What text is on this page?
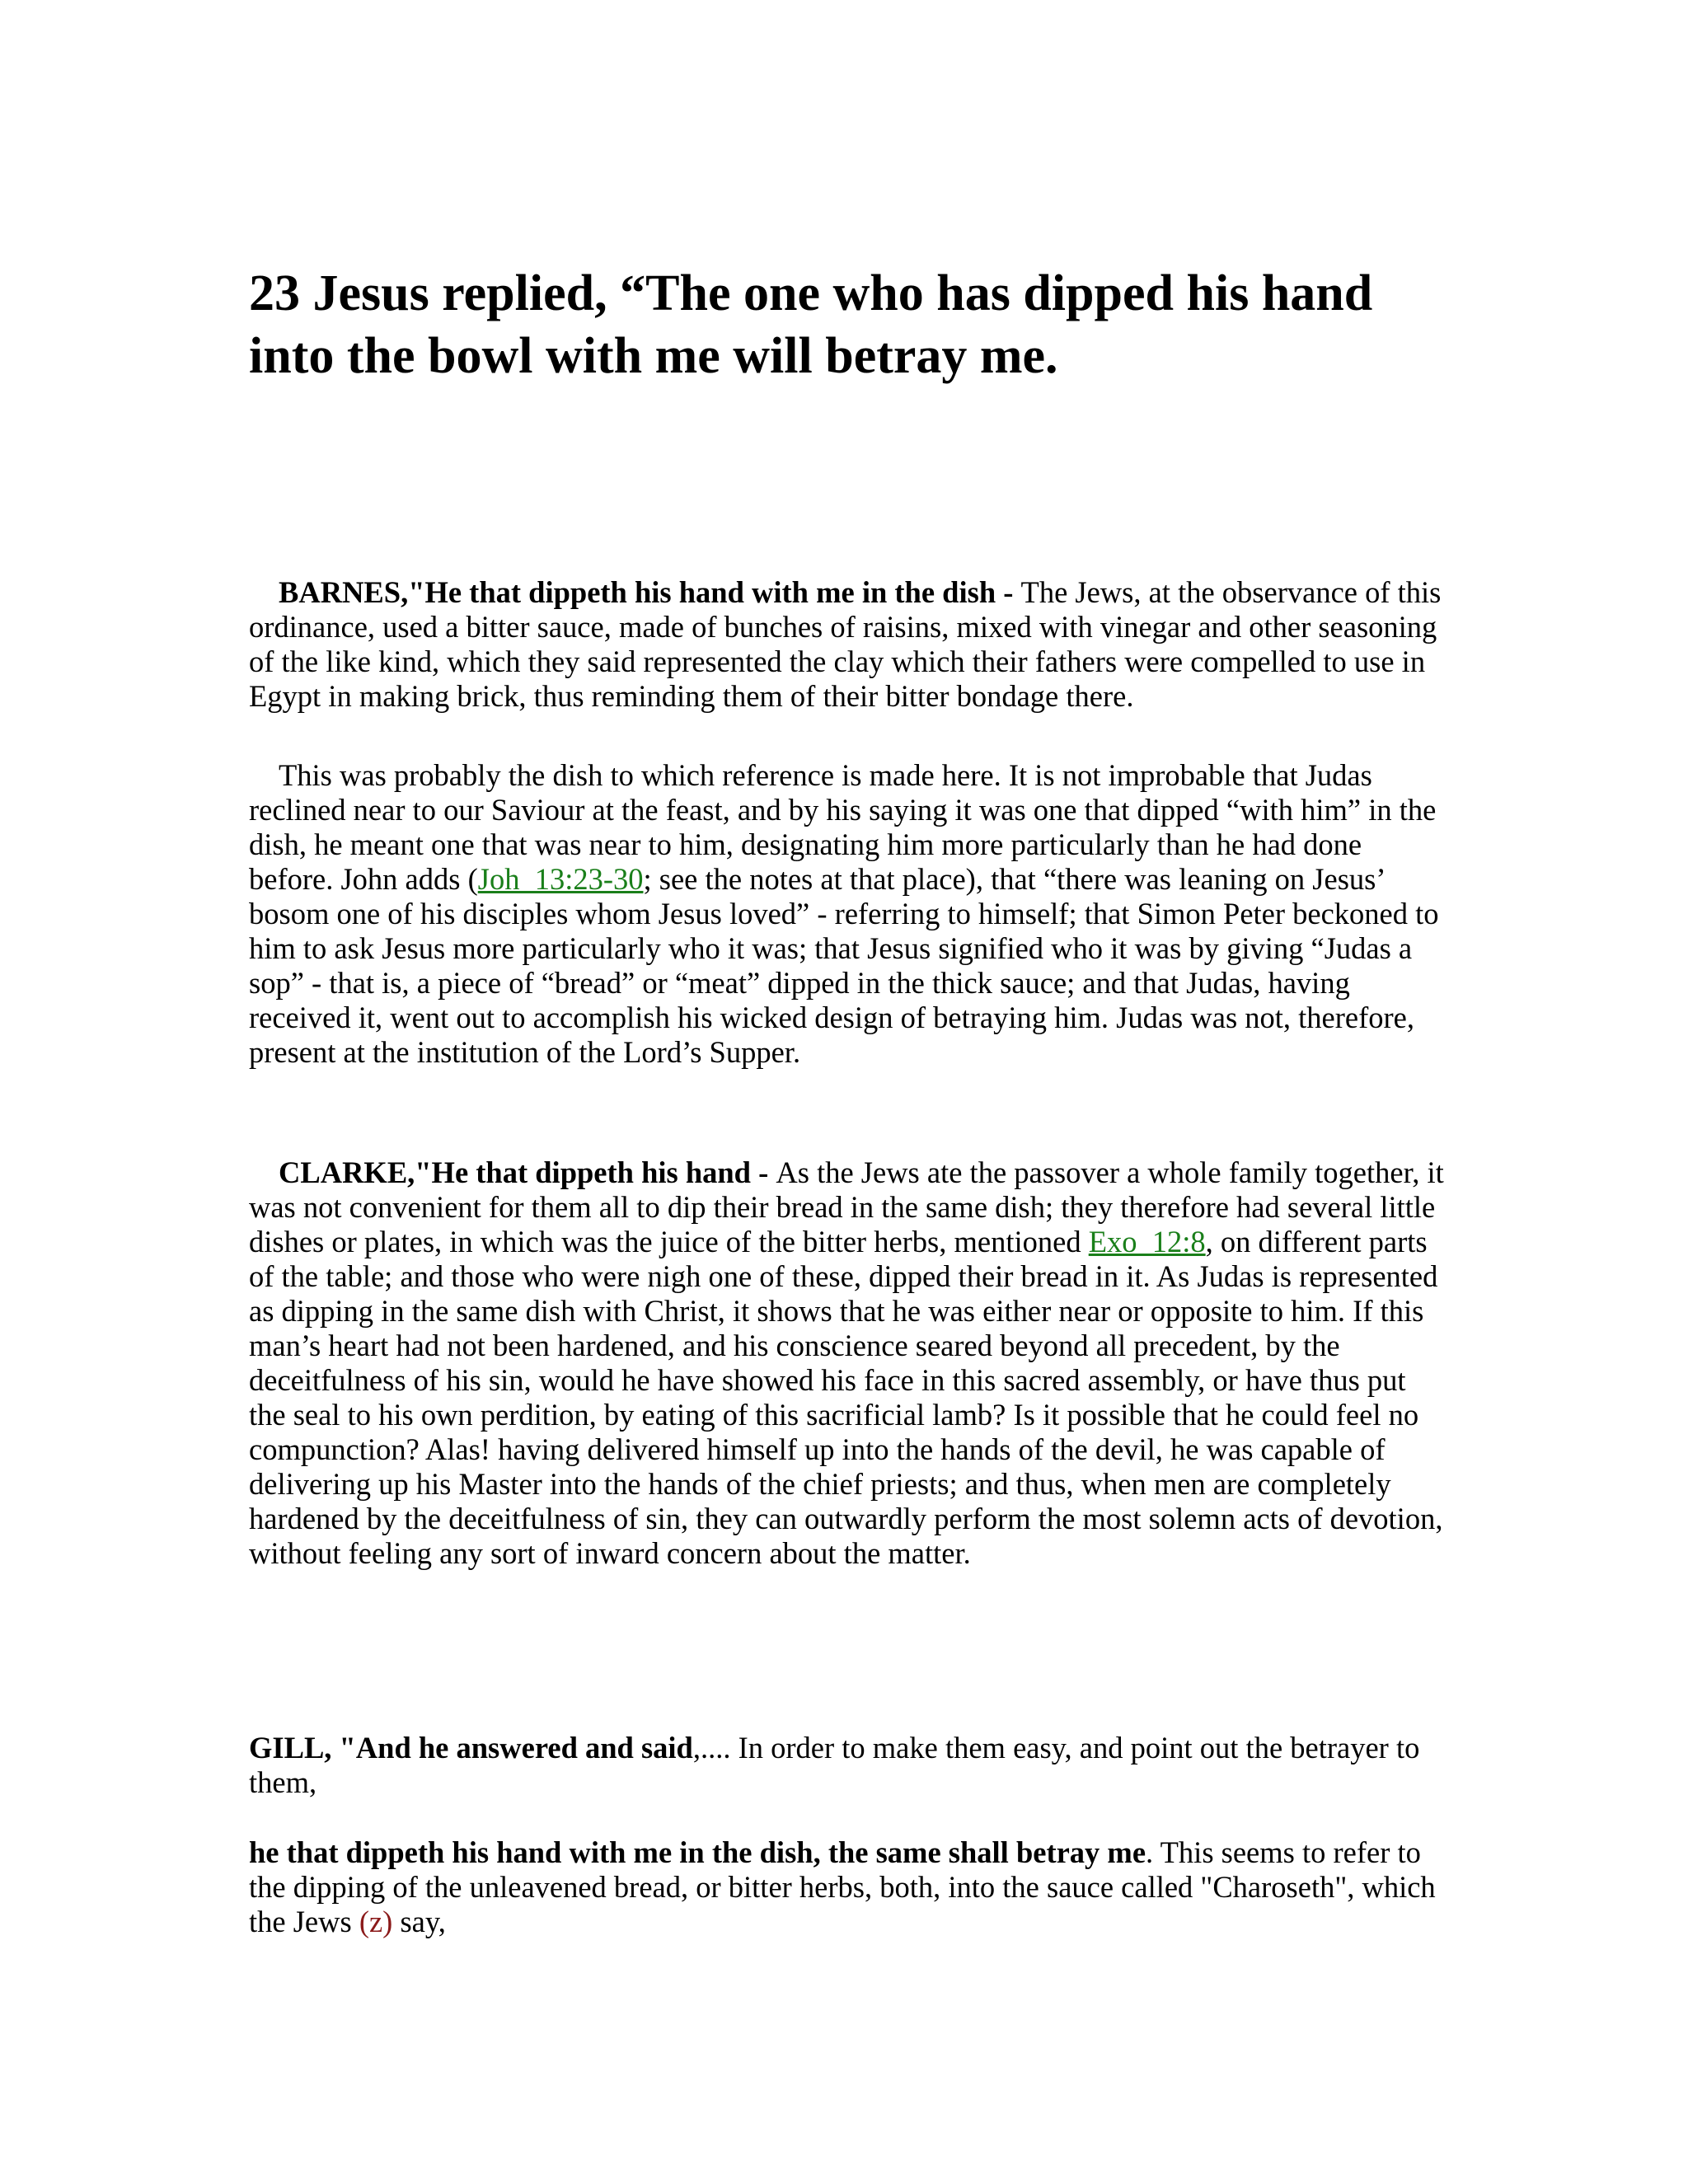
23 Jesus replied, “The one who has dipped his hand into the bowl with me will betray me.

BARNES,"He that dippeth his hand with me in the dish - The Jews, at the observance of this ordinance, used a bitter sauce, made of bunches of raisins, mixed with vinegar and other seasoning of the like kind, which they said represented the clay which their fathers were compelled to use in Egypt in making brick, thus reminding them of their bitter bondage there.

This was probably the dish to which reference is made here. It is not improbable that Judas reclined near to our Saviour at the feast, and by his saying it was one that dipped “with him” in the dish, he meant one that was near to him, designating him more particularly than he had done before. John adds (Joh_13:23-30; see the notes at that place), that “there was leaning on Jesus’ bosom one of his disciples whom Jesus loved” - referring to himself; that Simon Peter beckoned to him to ask Jesus more particularly who it was; that Jesus signified who it was by giving “Judas a sop” - that is, a piece of “bread” or “meat” dipped in the thick sauce; and that Judas, having received it, went out to accomplish his wicked design of betraying him. Judas was not, therefore, present at the institution of the Lord’s Supper.

CLARKE,"He that dippeth his hand - As the Jews ate the passover a whole family together, it was not convenient for them all to dip their bread in the same dish; they therefore had several little dishes or plates, in which was the juice of the bitter herbs, mentioned Exo_12:8, on different parts of the table; and those who were nigh one of these, dipped their bread in it. As Judas is represented as dipping in the same dish with Christ, it shows that he was either near or opposite to him. If this man’s heart had not been hardened, and his conscience seared beyond all precedent, by the deceitfulness of his sin, would he have showed his face in this sacred assembly, or have thus put the seal to his own perdition, by eating of this sacrificial lamb? Is it possible that he could feel no compunction? Alas! having delivered himself up into the hands of the devil, he was capable of delivering up his Master into the hands of the chief priests; and thus, when men are completely hardened by the deceitfulness of sin, they can outwardly perform the most solemn acts of devotion, without feeling any sort of inward concern about the matter.

GILL, "And he answered and said,.... In order to make them easy, and point out the betrayer to them,

he that dippeth his hand with me in the dish, the same shall betray me. This seems to refer to the dipping of the unleavened bread, or bitter herbs, both, into the sauce called "Charoseth", which the Jews (z) say,
